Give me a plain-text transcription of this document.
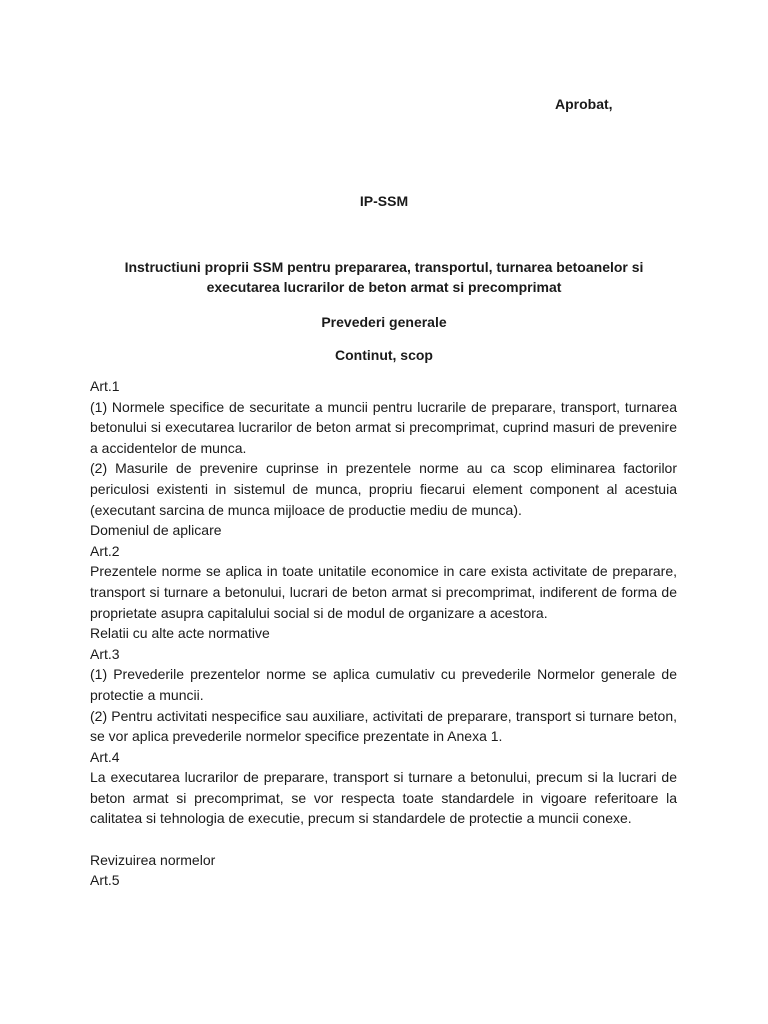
Aprobat,
IP-SSM
Instructiuni proprii SSM pentru prepararea, transportul, turnarea betoanelor si executarea lucrarilor de beton armat si precomprimat
Prevederi generale
Continut, scop

Art.1

(1) Normele specifice de securitate a muncii pentru lucrarile de preparare, transport, turnarea betonului si executarea lucrarilor de beton armat si precomprimat, cuprind masuri de prevenire a accidentelor de munca.

(2) Masurile de prevenire cuprinse in prezentele norme au ca scop eliminarea factorilor periculosi existenti in sistemul de munca, propriu fiecarui element component al acestuia (executant sarcina de munca mijloace de productie mediu de munca).

Domeniul de aplicare

Art.2

Prezentele norme se aplica in toate unitatile economice in care exista activitate de preparare, transport si turnare a betonului, lucrari de beton armat si precomprimat, indiferent de forma de proprietate asupra capitalului social si de modul de organizare a acestora.

Relatii cu alte acte normative

Art.3

(1) Prevederile prezentelor norme se aplica cumulativ cu prevederile Normelor generale de protectie a muncii.

(2) Pentru activitati nespecifice sau auxiliare, activitati de preparare, transport si turnare beton, se vor aplica prevederile normelor specifice prezentate in Anexa 1.

Art.4

La executarea lucrarilor de preparare, transport si turnare a betonului, precum si la lucrari de beton armat si precomprimat, se vor respecta toate standardele in vigoare referitoare la calitatea si tehnologia de executie, precum si standardele de protectie a muncii conexe.

Revizuirea normelor

Art.5
